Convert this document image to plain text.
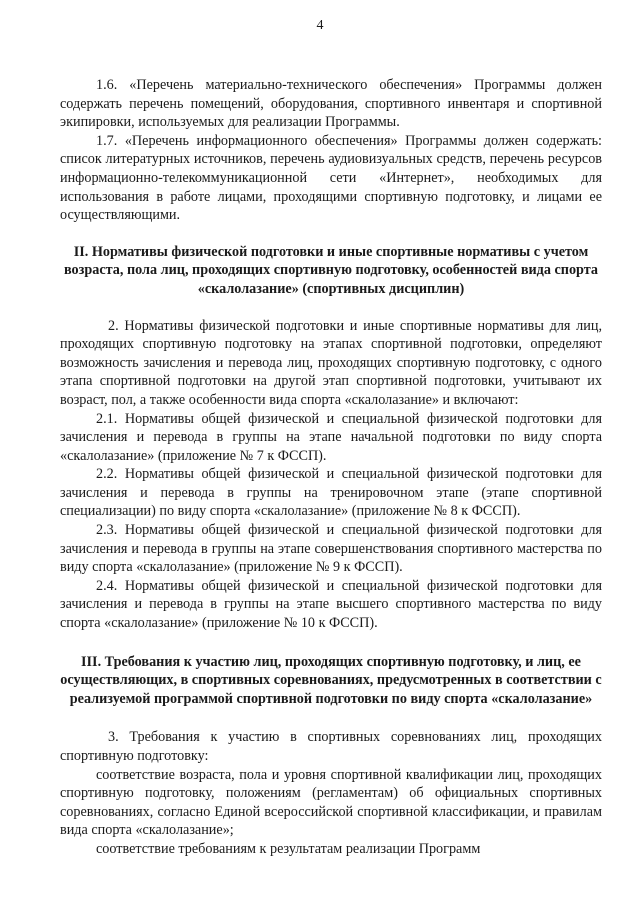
4

1.6. «Перечень материально-технического обеспечения» Программы должен содержать перечень помещений, оборудования, спортивного инвентаря и спортивной экипировки, используемых для реализации Программы.

1.7. «Перечень информационного обеспечения» Программы должен содержать: список литературных источников, перечень аудиовизуальных средств, перечень ресурсов информационно-телекоммуникационной сети «Интернет», необходимых для использования в работе лицами, проходящими спортивную подготовку, и лицами ее осуществляющими.

II. Нормативы физической подготовки и иные спортивные нормативы с учетом возраста, пола лиц, проходящих спортивную подготовку, особенностей вида спорта «скалолазание» (спортивных дисциплин)

2. Нормативы физической подготовки и иные спортивные нормативы для лиц, проходящих спортивную подготовку на этапах спортивной подготовки, определяют возможность зачисления и перевода лиц, проходящих спортивную подготовку, с одного этапа спортивной подготовки на другой этап спортивной подготовки, учитывают их возраст, пол, а также особенности вида спорта «скалолазание» и включают:

2.1. Нормативы общей физической и специальной физической подготовки для зачисления и перевода в группы на этапе начальной подготовки по виду спорта «скалолазание» (приложение № 7 к ФССП).

2.2. Нормативы общей физической и специальной физической подготовки для зачисления и перевода в группы на тренировочном этапе (этапе спортивной специализации) по виду спорта «скалолазание» (приложение № 8 к ФССП).

2.3. Нормативы общей физической и специальной физической подготовки для зачисления и перевода в группы на этапе совершенствования спортивного мастерства по виду спорта «скалолазание» (приложение № 9 к ФССП).

2.4. Нормативы общей физической и специальной физической подготовки для зачисления и перевода в группы на этапе высшего спортивного мастерства по виду спорта «скалолазание» (приложение № 10 к ФССП).

III. Требования к участию лиц, проходящих спортивную подготовку, и лиц, ее осуществляющих, в спортивных соревнованиях, предусмотренных в соответствии с реализуемой программой спортивной подготовки по виду спорта «скалолазание»

3. Требования к участию в спортивных соревнованиях лиц, проходящих спортивную подготовку:

соответствие возраста, пола и уровня спортивной квалификации лиц, проходящих спортивную подготовку, положениям (регламентам) об официальных спортивных соревнованиях, согласно Единой всероссийской спортивной классификации, и правилам вида спорта «скалолазание»;

соответствие требованиям к результатам реализации Программ
